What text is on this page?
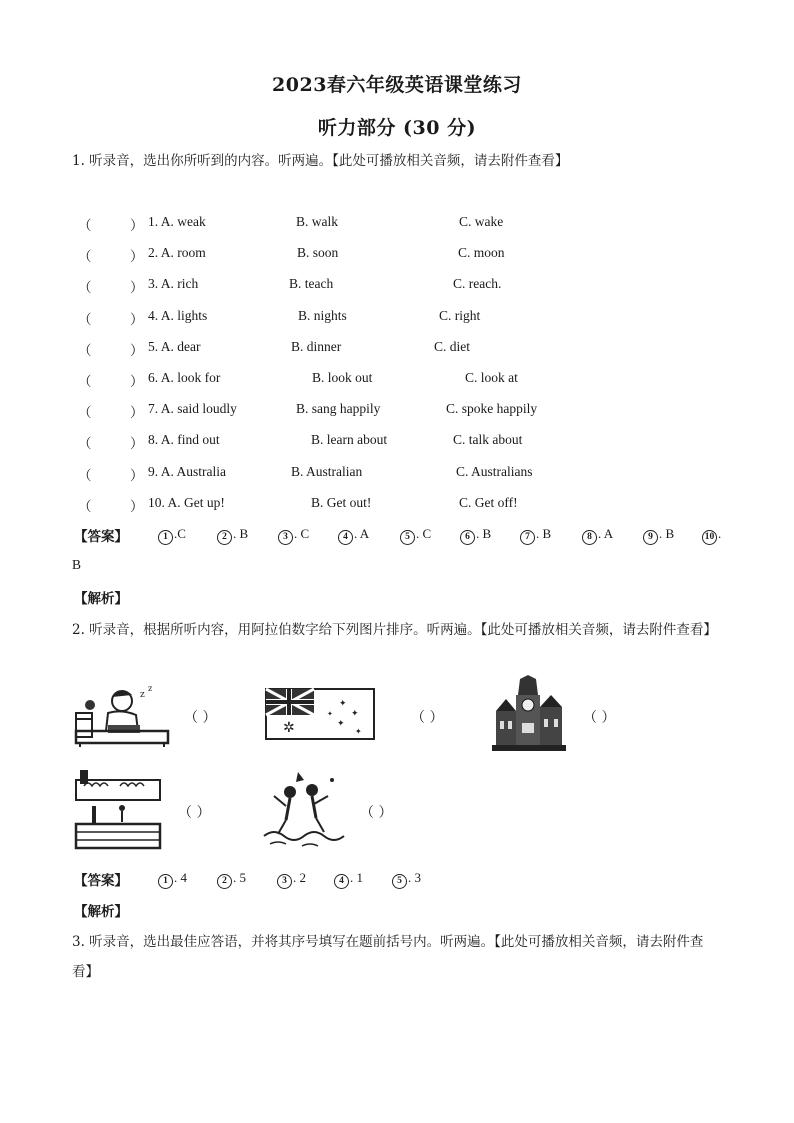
2023春六年级英语课堂练习
听力部分 (30 分)
1. 听录音，选出你所听到的内容。听两遍。【此处可播放相关音频，请去附件查看】
（	） 1. A. weak	B. walk	C. wake
（	） 2. A. room	B. soon	C. moon
（	） 3. A. rich	B. teach	C. reach.
（	） 4. A. lights	B. nights	C. right
（	） 5. A. dear	B. dinner	C. diet
（	） 6. A. look for	B. look out	C. look at
（	） 7. A. said loudly	B. sang happily	C. spoke happily
（	） 8. A. find out	B. learn about	C. talk about
（	） 9. A. Australia	B. Australian	C. Australians
（	） 10. A. Get up!	B. Get out!	C. Get off!
【答案】	1 .C	2 . B	3 . C	4 . A	5 . C	6 . B	7 . B	8 . A	9 . B	10 .
B
【解析】
2. 听录音，根据所听内容，用阿拉伯数字给下列图片排序。听两遍。【此处可播放相关音频，请去附件查看】
z
z
（ ）
✲
✦
✦
✦
✦
✦	（ ）	（ ）
（ ）	（ ）
【答案】	1 . 4	2 . 5	3 . 2	4 . 1	5 . 3
【解析】
3. 听录音，选出最佳应答语，并将其序号填写在题前括号内。听两遍。【此处可播放相关音频，请去附件查
看】
